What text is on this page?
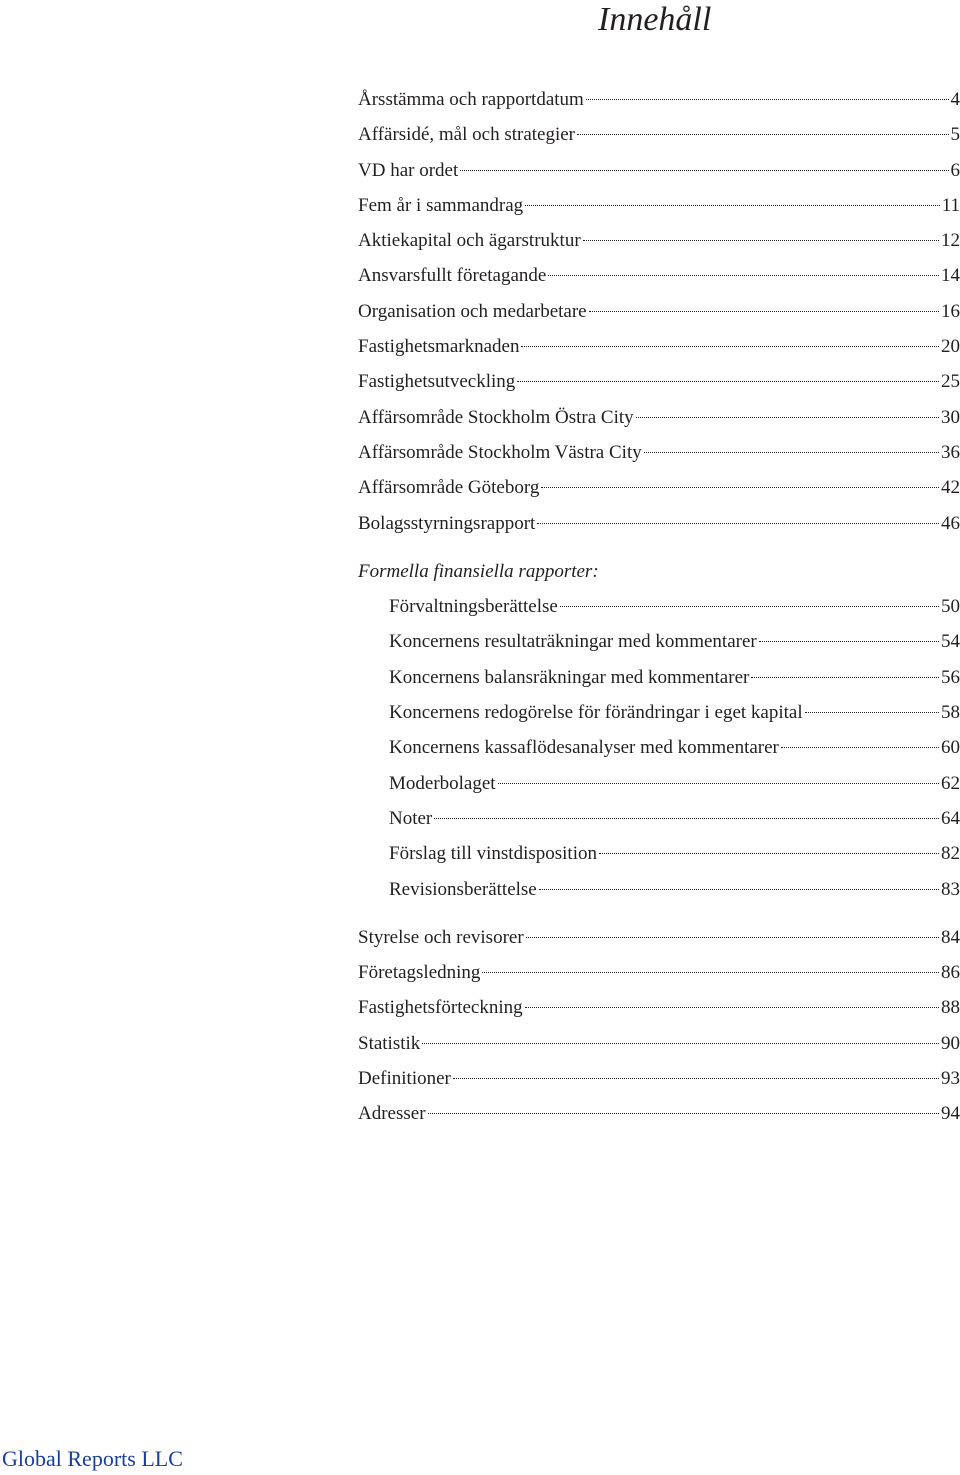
Innehåll
Årsstämma och rapportdatum	4
Affärsidé, mål och strategier	5
VD har ordet	6
Fem år i sammandrag	11
Aktiekapital och ägarstruktur	12
Ansvarsfullt företagande	14
Organisation och medarbetare	16
Fastighetsmarknaden	20
Fastighetsutveckling	25
Affärsområde Stockholm Östra City	30
Affärsområde Stockholm Västra City	36
Affärsområde Göteborg	42
Bolagsstyrningsrapport	46
Formella finansiella rapporter:
Förvaltningsberättelse	50
Koncernens resultaträkningar med kommentarer	54
Koncernens balansräkningar med kommentarer	56
Koncernens redogörelse för förändringar i eget kapital	58
Koncernens kassaflödesanalyser med kommentarer	60
Moderbolaget	62
Noter	64
Förslag till vinstdisposition	82
Revisionsberättelse	83
Styrelse och revisorer	84
Företagsledning	86
Fastighetsförteckning	88
Statistik	90
Definitioner	93
Adresser	94
Global Reports LLC
